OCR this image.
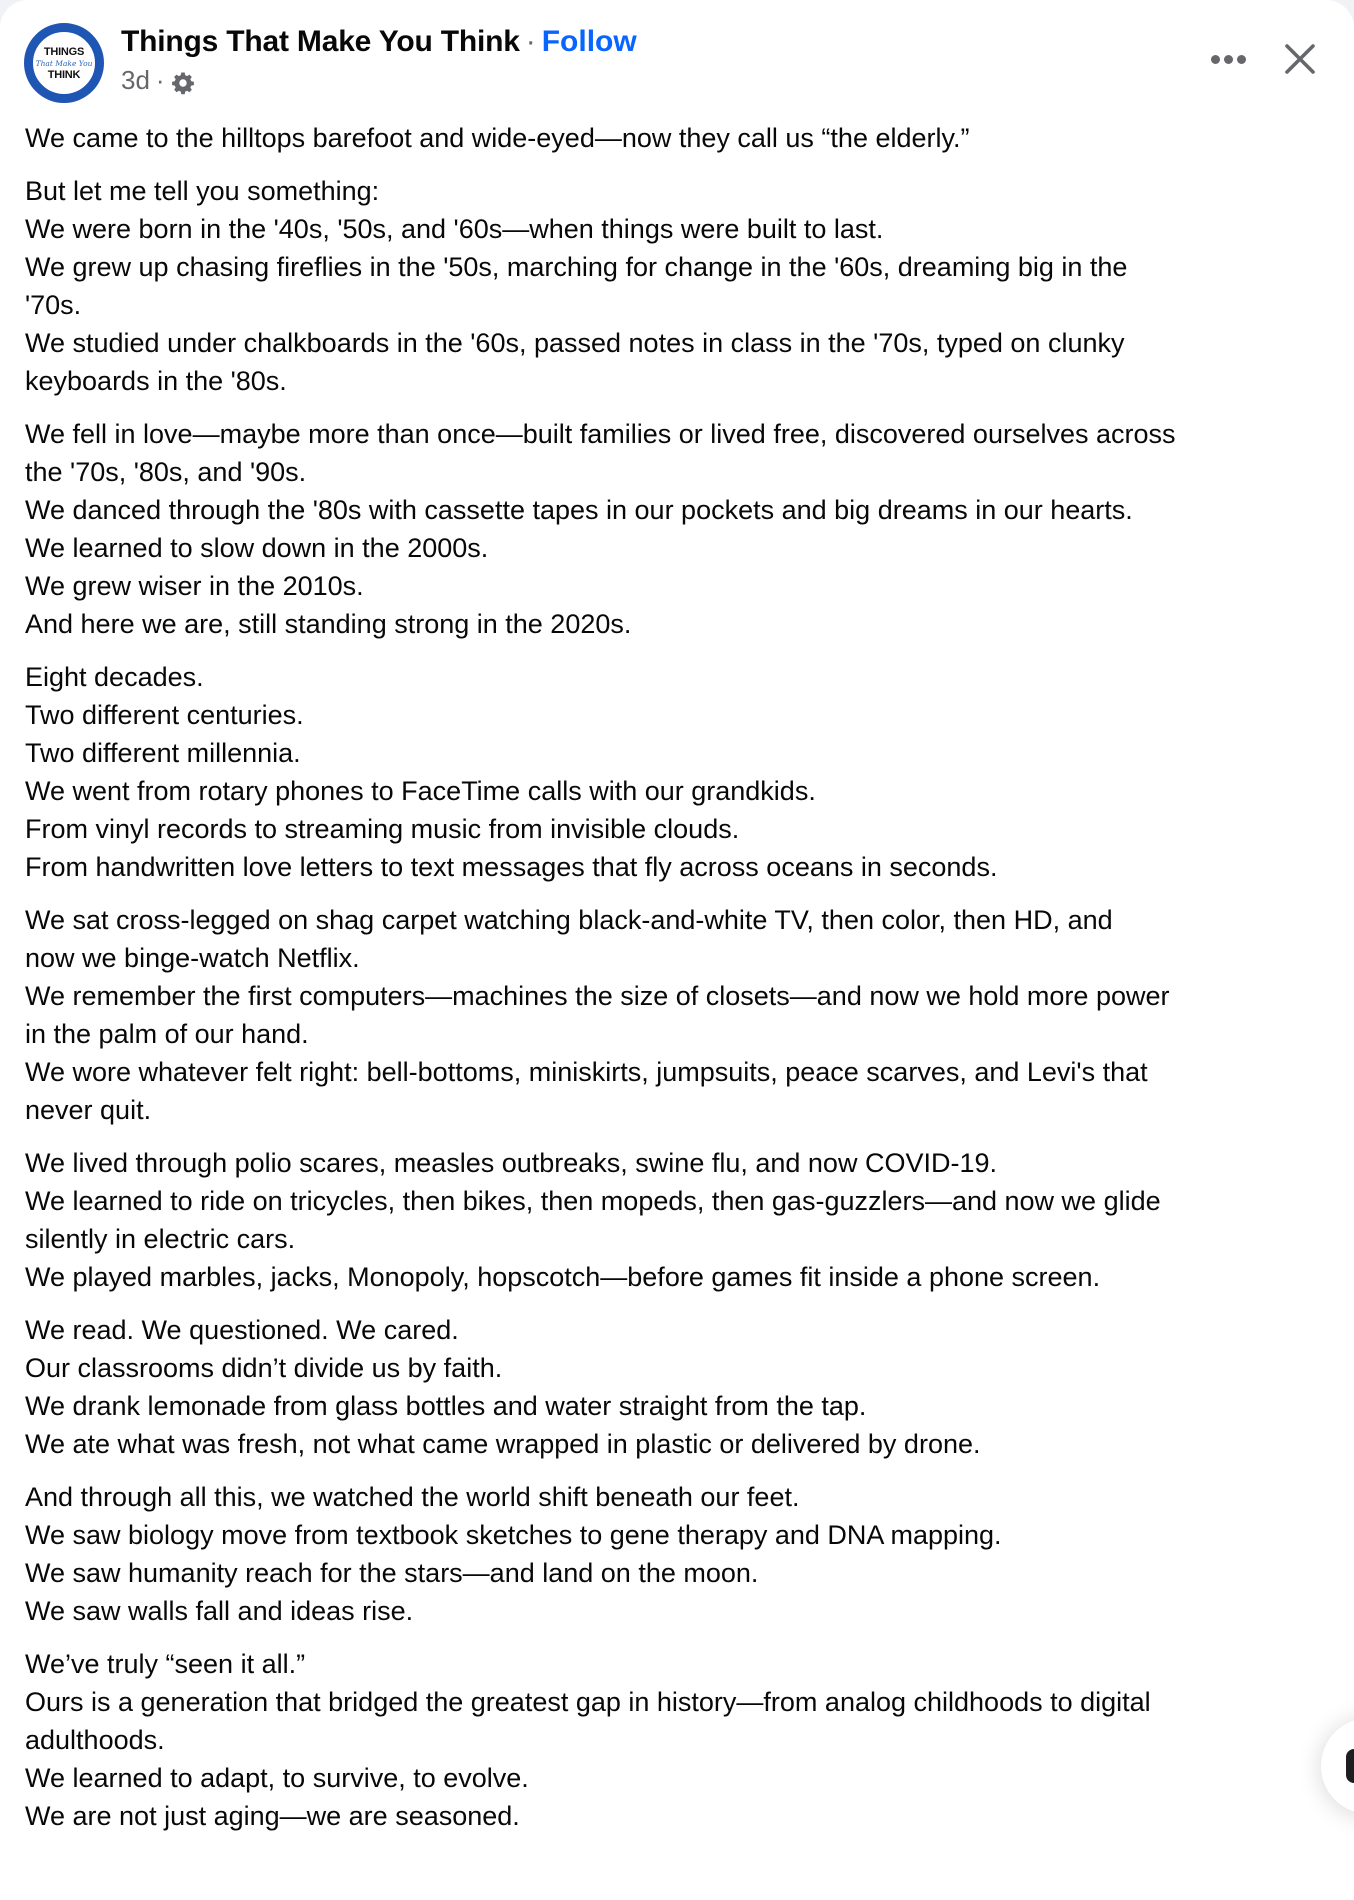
THINGS
That Make You
THINK
Things That Make You Think · Follow
3d ·
We came to the hilltops barefoot and wide-eyed—now they call us “the elderly.”
But let me tell you something:
We were born in the '40s, '50s, and '60s—when things were built to last.
We grew up chasing fireflies in the '50s, marching for change in the '60s, dreaming big in the
'70s.
We studied under chalkboards in the '60s, passed notes in class in the '70s, typed on clunky
keyboards in the '80s.
We fell in love—maybe more than once—built families or lived free, discovered ourselves across
the '70s, '80s, and '90s.
We danced through the '80s with cassette tapes in our pockets and big dreams in our hearts.
We learned to slow down in the 2000s.
We grew wiser in the 2010s.
And here we are, still standing strong in the 2020s.
Eight decades.
Two different centuries.
Two different millennia.
We went from rotary phones to FaceTime calls with our grandkids.
From vinyl records to streaming music from invisible clouds.
From handwritten love letters to text messages that fly across oceans in seconds.
We sat cross-legged on shag carpet watching black-and-white TV, then color, then HD, and
now we binge-watch Netflix.
We remember the first computers—machines the size of closets—and now we hold more power
in the palm of our hand.
We wore whatever felt right: bell-bottoms, miniskirts, jumpsuits, peace scarves, and Levi's that
never quit.
We lived through polio scares, measles outbreaks, swine flu, and now COVID-19.
We learned to ride on tricycles, then bikes, then mopeds, then gas-guzzlers—and now we glide
silently in electric cars.
We played marbles, jacks, Monopoly, hopscotch—before games fit inside a phone screen.
We read. We questioned. We cared.
Our classrooms didn’t divide us by faith.
We drank lemonade from glass bottles and water straight from the tap.
We ate what was fresh, not what came wrapped in plastic or delivered by drone.
And through all this, we watched the world shift beneath our feet.
We saw biology move from textbook sketches to gene therapy and DNA mapping.
We saw humanity reach for the stars—and land on the moon.
We saw walls fall and ideas rise.
We’ve truly “seen it all.”
Ours is a generation that bridged the greatest gap in history—from analog childhoods to digital
adulthoods.
We learned to adapt, to survive, to evolve.
We are not just aging—we are seasoned.
